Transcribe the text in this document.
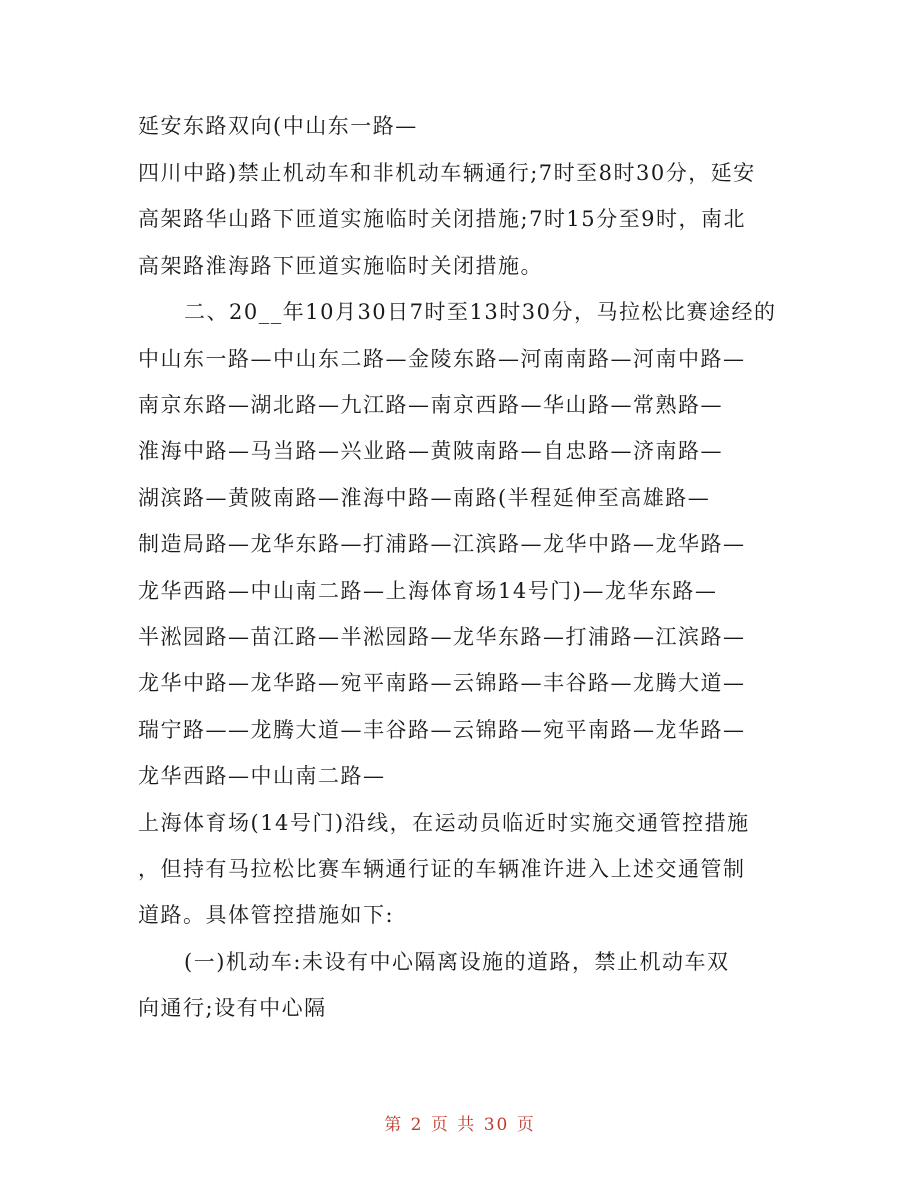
延安东路双向(中山东一路—
四川中路)禁止机动车和非机动车辆通行;7时至8时30分，延安
高架路华山路下匝道实施临时关闭措施;7时15分至9时，南北
高架路淮海路下匝道实施临时关闭措施。
二、20__年10月30日7时至13时30分，马拉松比赛途经的
中山东一路—中山东二路—金陵东路—河南南路—河南中路—
南京东路—湖北路—九江路—南京西路—华山路—常熟路—
淮海中路—马当路—兴业路—黄陂南路—自忠路—济南路—
湖滨路—黄陂南路—淮海中路—南路(半程延伸至高雄路—
制造局路—龙华东路—打浦路—江滨路—龙华中路—龙华路—
龙华西路—中山南二路—上海体育场14号门)—龙华东路—
半淞园路—苗江路—半淞园路—龙华东路—打浦路—江滨路—
龙华中路—龙华路—宛平南路—云锦路—丰谷路—龙腾大道—
瑞宁路——龙腾大道—丰谷路—云锦路—宛平南路—龙华路—
龙华西路—中山南二路—
上海体育场(14号门)沿线，在运动员临近时实施交通管控措施
，但持有马拉松比赛车辆通行证的车辆准许进入上述交通管制
道路。具体管控措施如下:
(一)机动车:未设有中心隔离设施的道路，禁止机动车双
向通行;设有中心隔
第 2 页 共 30 页
